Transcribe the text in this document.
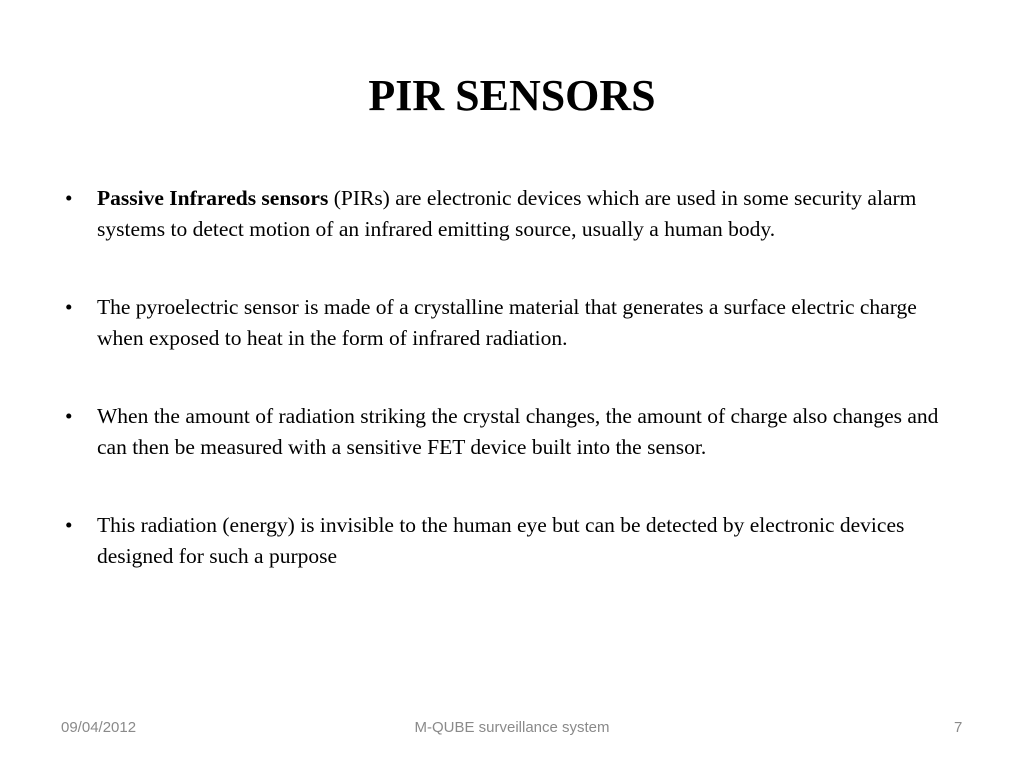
PIR SENSORS
• Passive Infrareds sensors (PIRs) are electronic devices which are used in some security alarm systems to detect motion of an infrared emitting source, usually a human body.
• The pyroelectric sensor is made of a crystalline material that generates a surface electric charge when exposed to heat in the form of infrared radiation.
• When the amount of radiation striking the crystal changes, the amount of charge also changes and can then be measured with a sensitive FET device built into the sensor.
• This radiation (energy) is invisible to the human eye but can be detected by electronic devices designed for such a purpose
09/04/2012	M-QUBE surveillance system	7
